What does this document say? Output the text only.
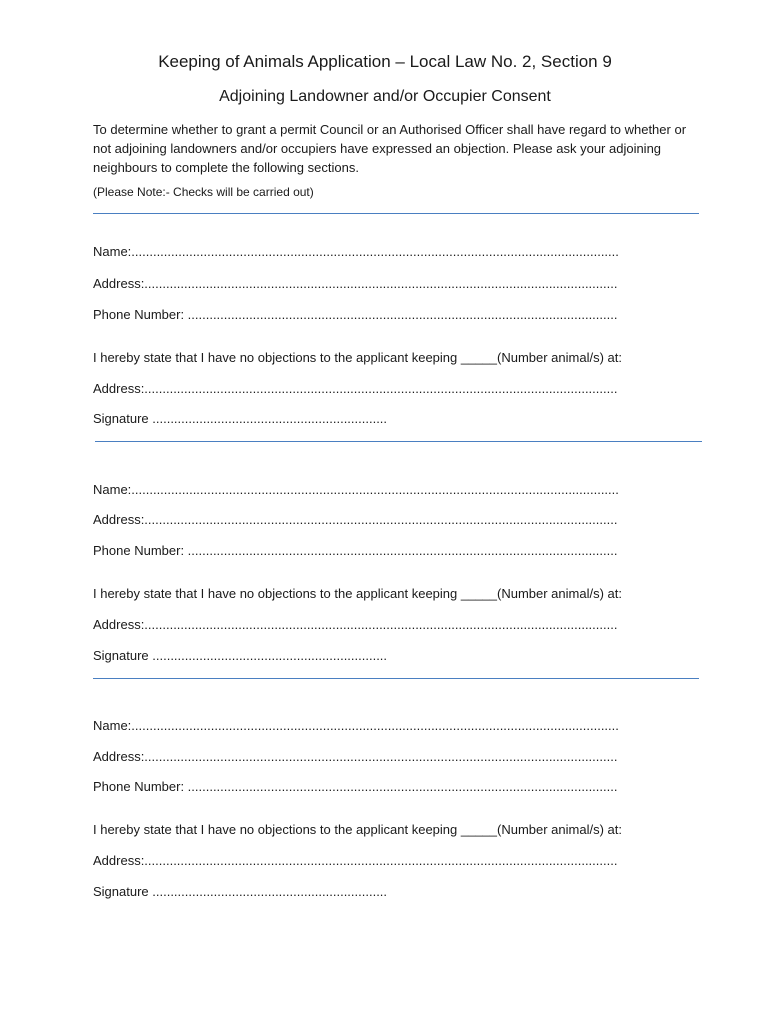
Keeping of Animals Application – Local Law No. 2, Section 9
Adjoining Landowner and/or Occupier Consent
To determine whether to grant a permit Council or an Authorised Officer shall have regard to whether or not adjoining landowners and/or occupiers have expressed an objection. Please ask your adjoining neighbours to complete the following sections.
(Please Note:- Checks will be carried out)
Name:.......................................................................................................................................
Address:...................................................................................................................................
Phone Number: .......................................................................................................................
I hereby state that I have no objections to the applicant keeping _____(Number animal/s) at:
Address:...................................................................................................................................
Signature .................................................................
Name:.......................................................................................................................................
Address:...................................................................................................................................
Phone Number: .......................................................................................................................
I hereby state that I have no objections to the applicant keeping _____(Number animal/s) at:
Address:...................................................................................................................................
Signature .................................................................
Name:.......................................................................................................................................
Address:...................................................................................................................................
Phone Number: .......................................................................................................................
I hereby state that I have no objections to the applicant keeping _____(Number animal/s) at:
Address:...................................................................................................................................
Signature .................................................................
